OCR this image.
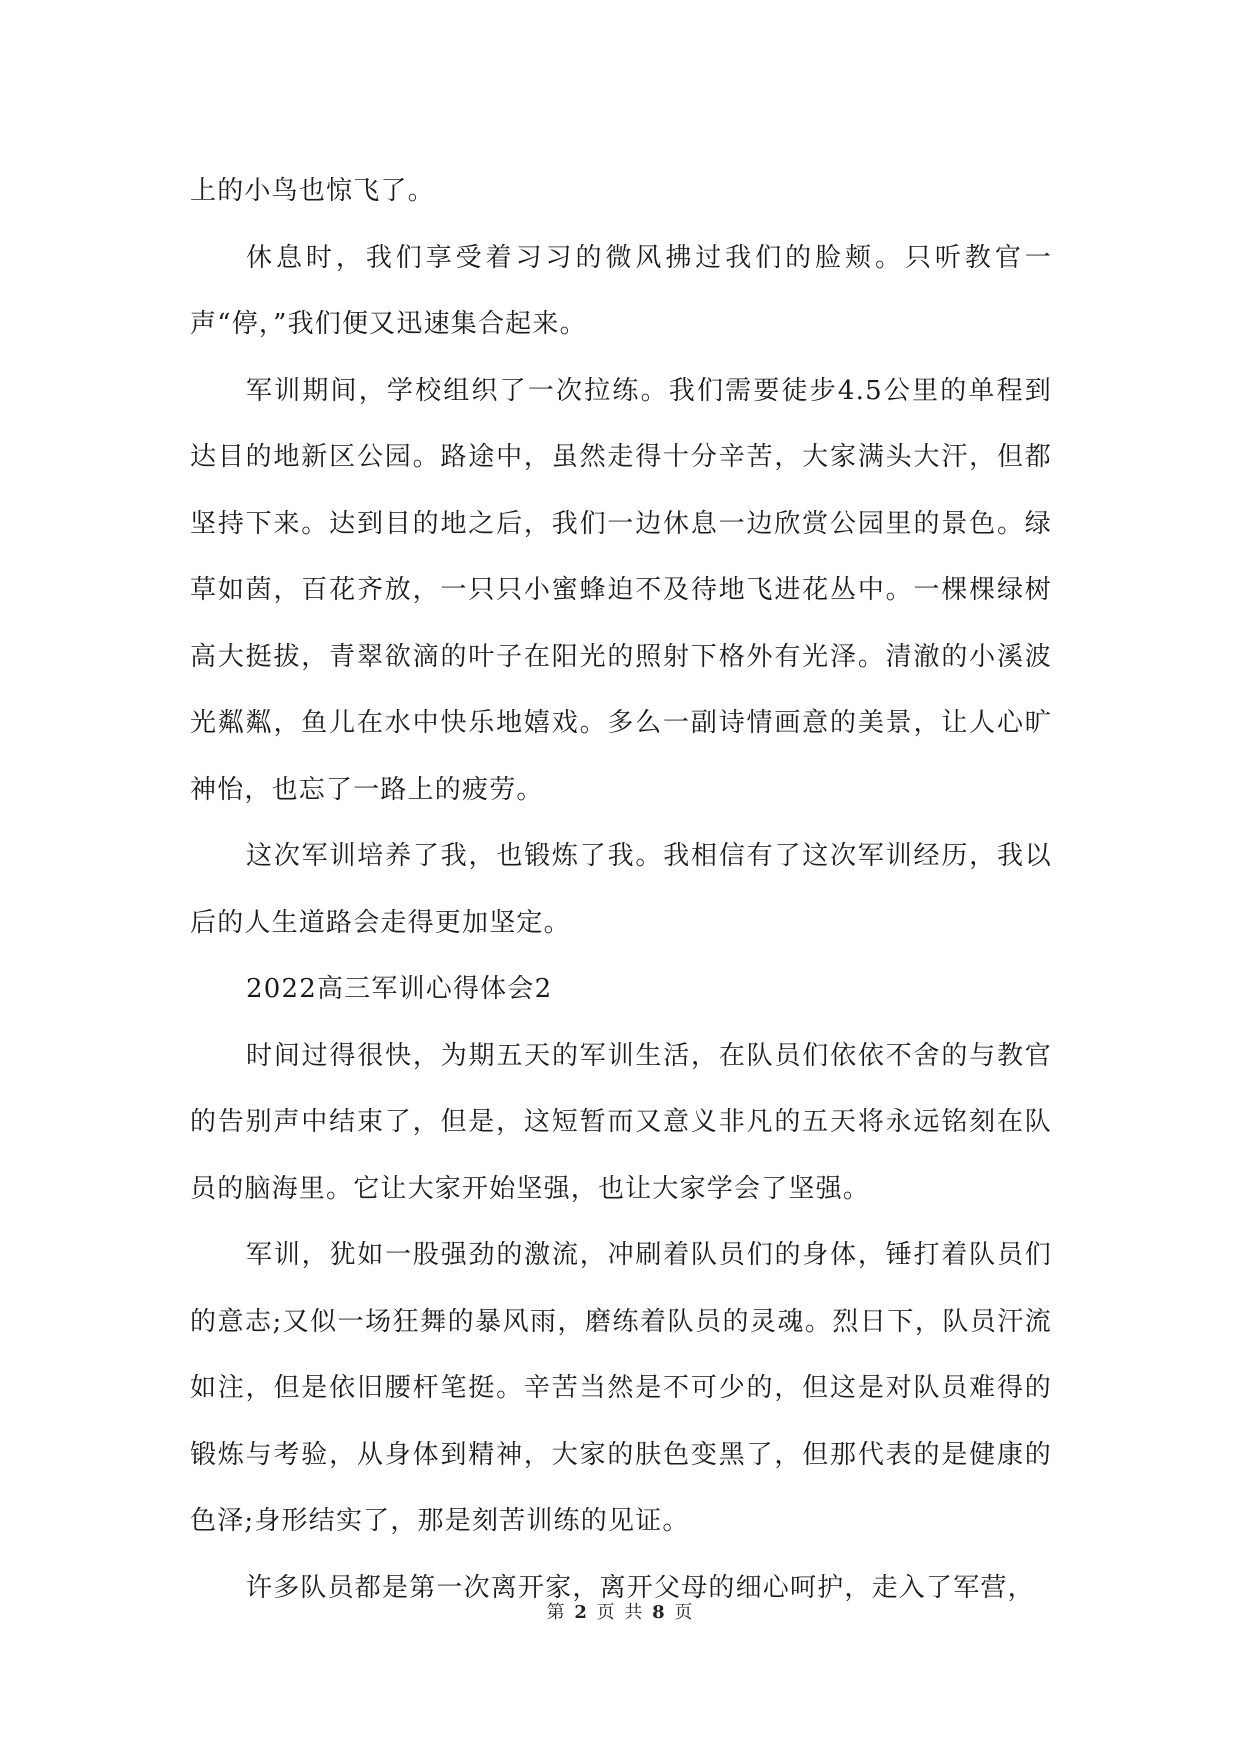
上的小鸟也惊飞了。

休息时，我们享受着习习的微风拂过我们的脸颊。只听教官一声“停，”我们便又迅速集合起来。

军训期间，学校组织了一次拉练。我们需要徒步4.5公里的单程到达目的地新区公园。路途中，虽然走得十分辛苦，大家满头大汗，但都坚持下来。达到目的地之后，我们一边休息一边欣赏公园里的景色。绿草如茵，百花齐放，一只只小蜜蜂迫不及待地飞进花丛中。一棵棵绿树高大挺拔，青翠欲滴的叶子在阳光的照射下格外有光泽。清澈的小溪波光粼粼，鱼儿在水中快乐地嬉戏。多么一副诗情画意的美景，让人心旷神怡，也忘了一路上的疲劳。

这次军训培养了我，也锻炼了我。我相信有了这次军训经历，我以后的人生道路会走得更加坚定。

2022高三军训心得体会2

时间过得很快，为期五天的军训生活，在队员们依依不舍的与教官的告别声中结束了，但是，这短暂而又意义非凡的五天将永远铭刻在队员的脑海里。它让大家开始坚强，也让大家学会了坚强。

军训，犹如一股强劲的激流，冲刷着队员们的身体，锤打着队员们的意志;又似一场狂舞的暴风雨，磨练着队员的灵魂。烈日下，队员汗流如注，但是依旧腰杆笔挺。辛苦当然是不可少的，但这是对队员难得的锻炼与考验，从身体到精神，大家的肤色变黑了，但那代表的是健康的色泽;身形结实了，那是刻苦训练的见证。

许多队员都是第一次离开家，离开父母的细心呵护，走入了军营，

第 2 页 共 8 页
